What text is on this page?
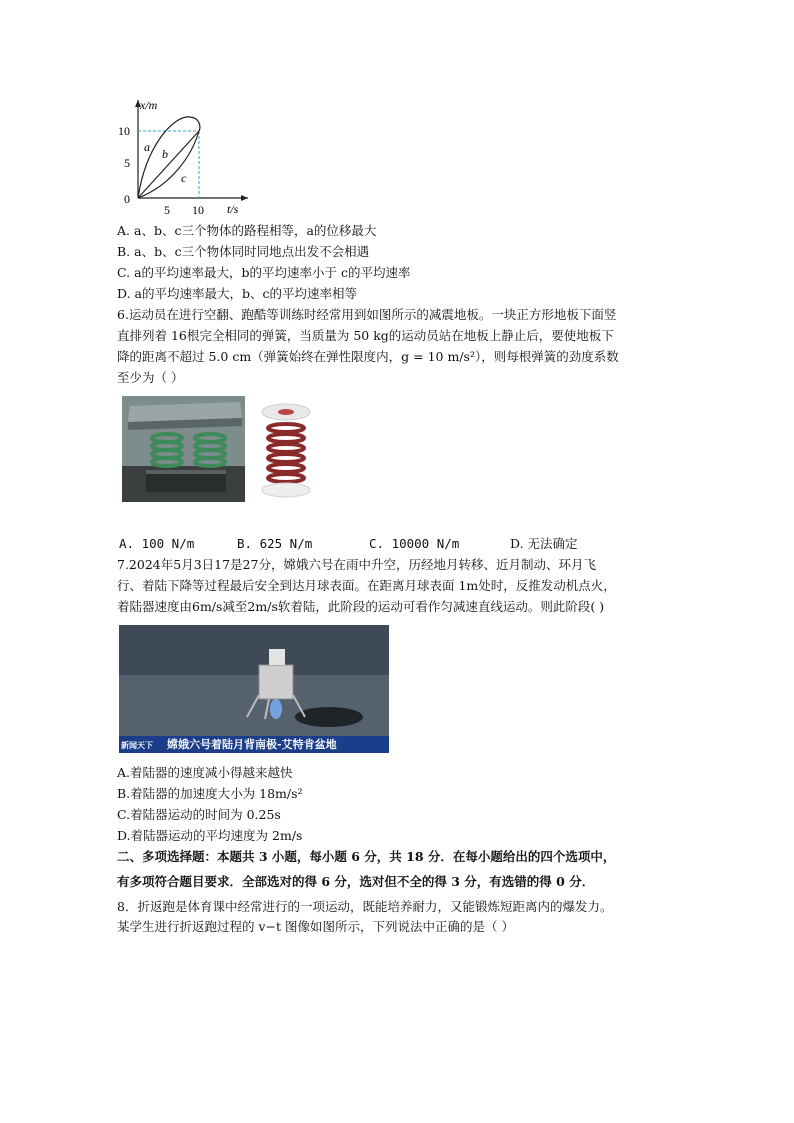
x/m
t/s
10
5
0
5 10
a b
c
A. a、b、c三个物体的路程相等，a的位移最大
B. a、b、c三个物体同时同地点出发不会相遇
C. a的平均速率最大，b的平均速率小于 c的平均速率
D. a的平均速率最大，b、c的平均速率相等
6.运动员在进行空翻、跑酷等训练时经常用到如图所示的减震地板。一块正方形地板下面竖
直排列着 16根完全相同的弹簧，当质量为 50 kg的运动员站在地板上静止后，要使地板下
降的距离不超过 5.0 cm（弹簧始终在弹性限度内，g = 10 m/s²），则每根弹簧的劲度系数
至少为（ ）
A. 100 N/m	B. 625 N/m	C. 10000 N/m	D. 无法确定
7.2024年5月3日17是27分，嫦娥六号在雨中升空，历经地月转移、近月制动、环月飞
行、着陆下降等过程最后安全到达月球表面。在距离月球表面 1m处时，反推发动机点火，
着陆器速度由6m/s减至2m/s软着陆，此阶段的运动可看作匀减速直线运动。则此阶段( )
新闻天下 嫦娥六号着陆月背南极-艾特肯盆地
A.着陆器的速度减小得越来越快
B.着陆器的加速度大小为 18m/s²
C.着陆器运动的时间为 0.25s
D.着陆器运动的平均速度为 2m/s
二、多项选择题：本题共 3 小题，每小题 6 分，共 18 分．在每小题给出的四个选项中，
有多项符合题目要求．全部选对的得 6 分，选对但不全的得 3 分，有选错的得 0 分．
8．折返跑是体育课中经常进行的一项运动，既能培养耐力，又能锻炼短距离内的爆发力。
某学生进行折返跑过程的 v−t 图像如图所示，下列说法中正确的是（ ）
